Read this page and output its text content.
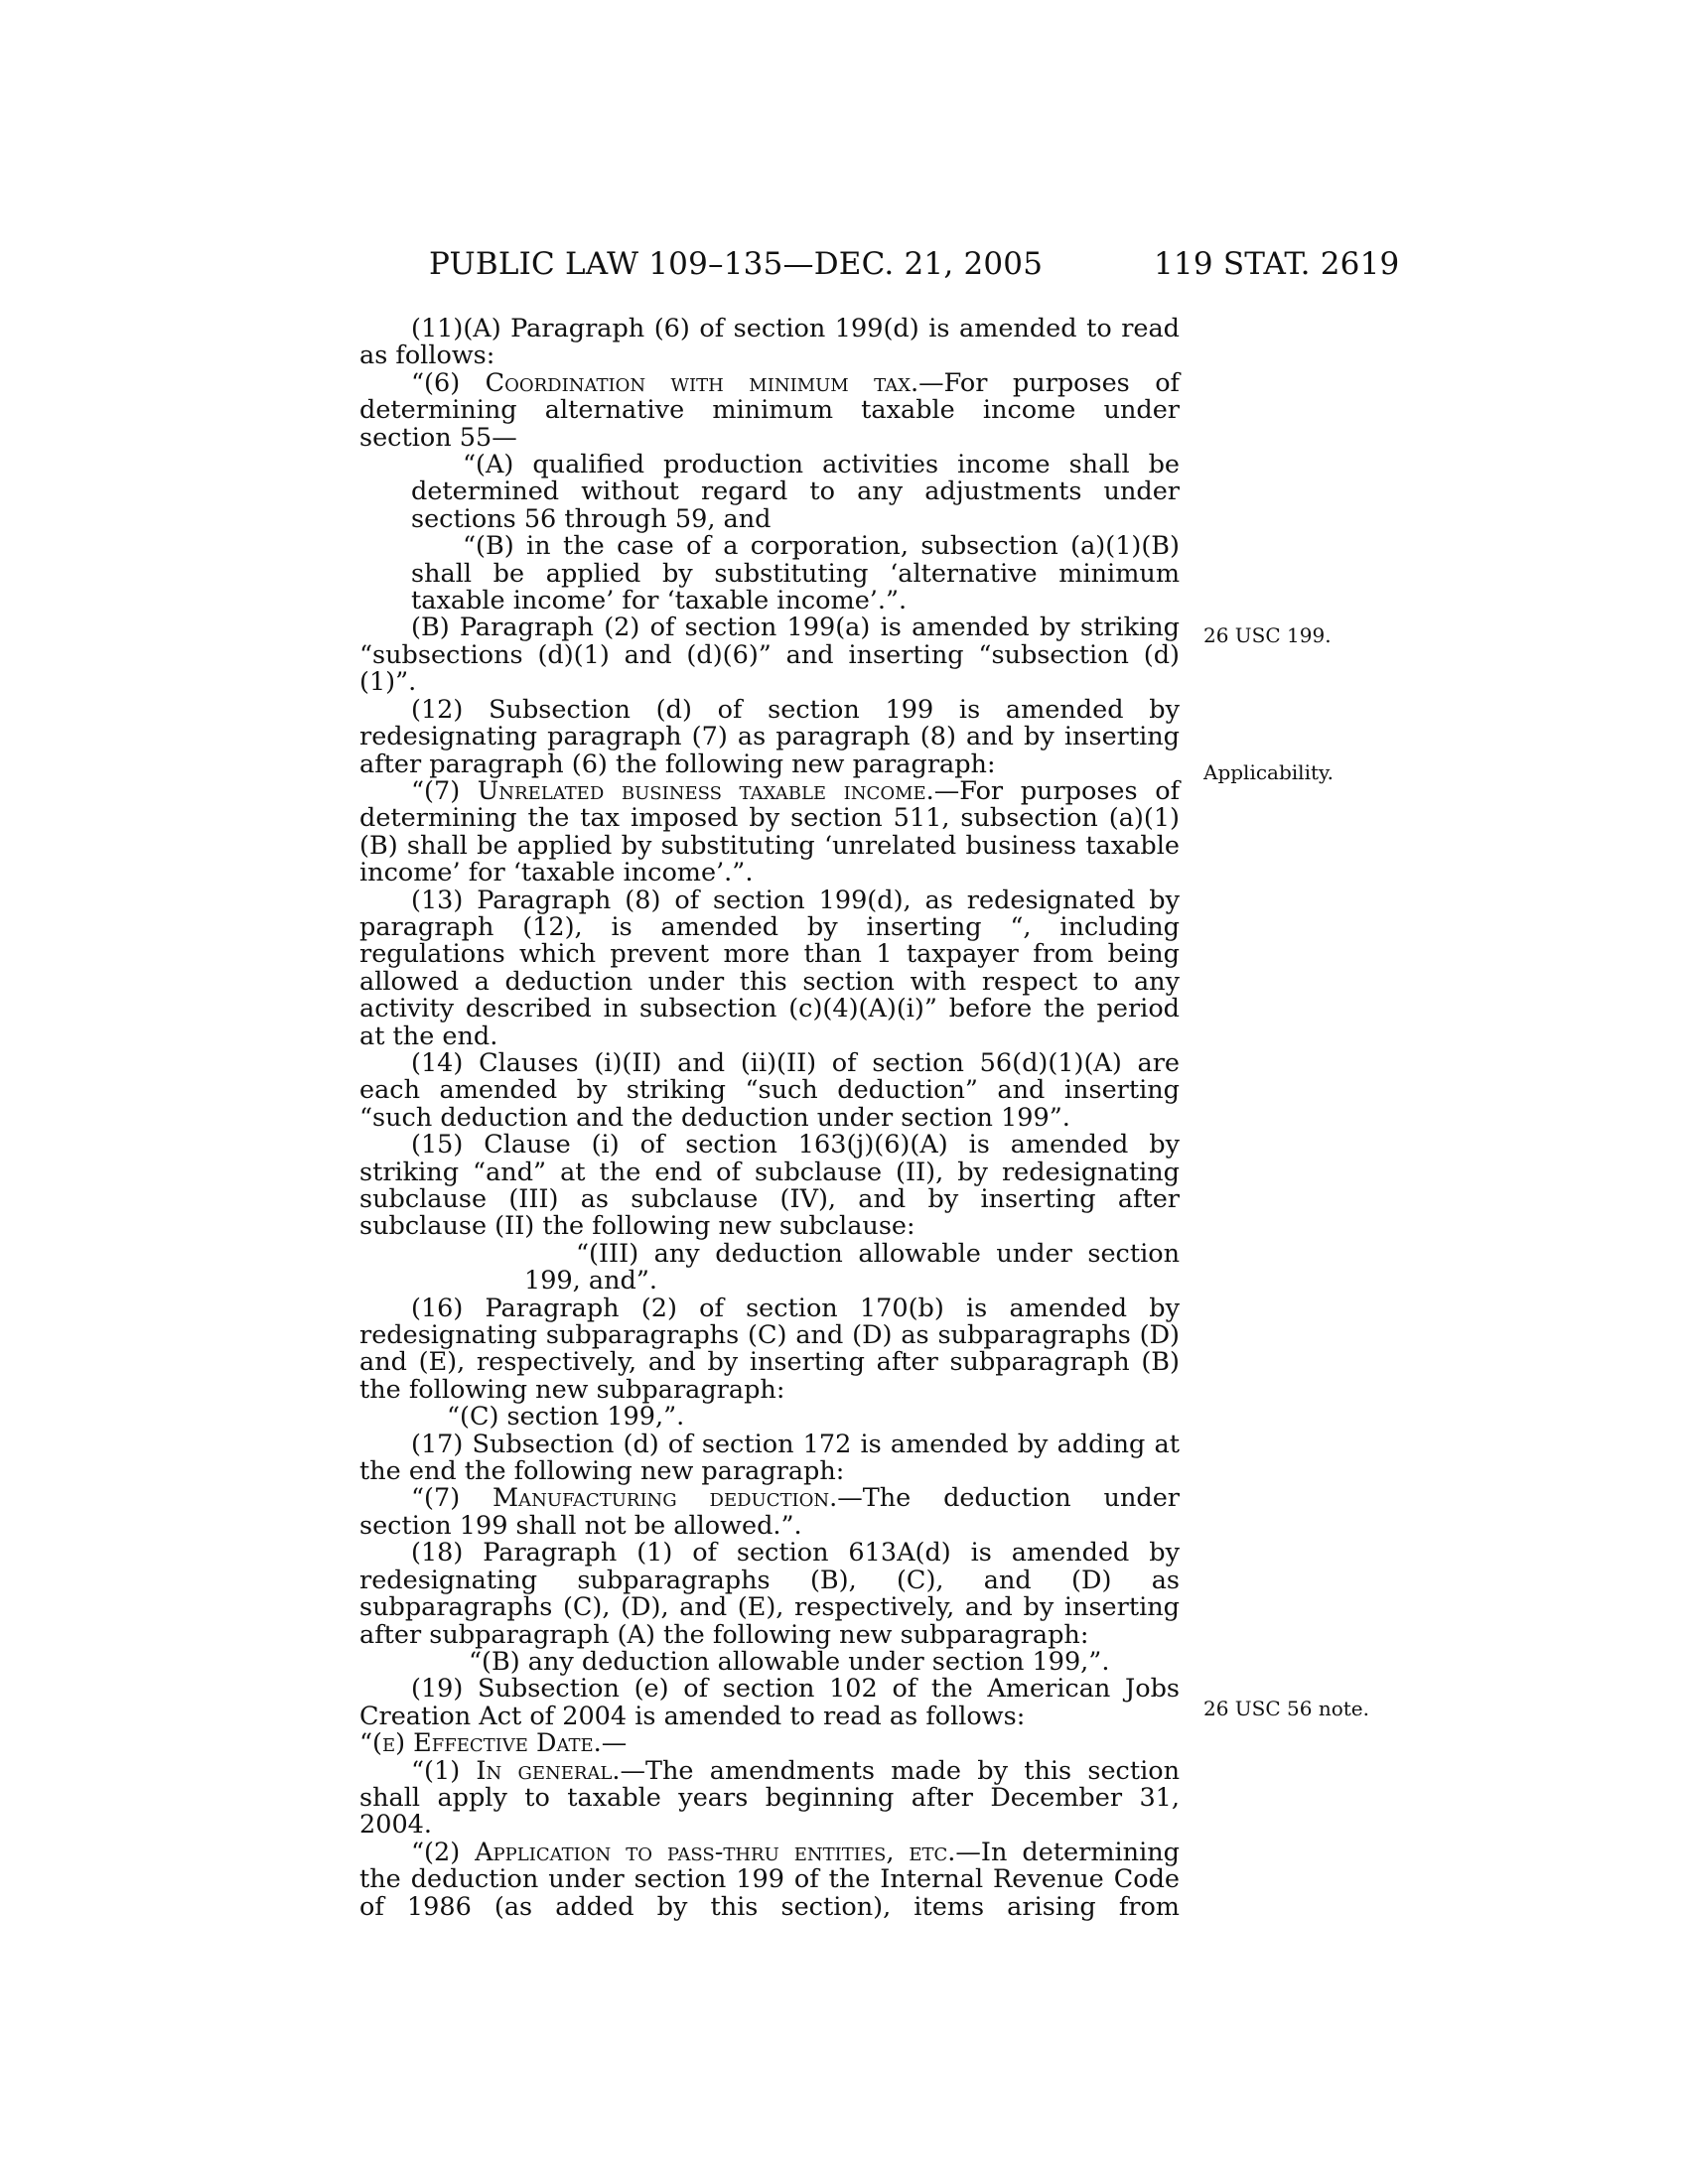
PUBLIC LAW 109–135—DEC. 21, 2005	119 STAT. 2619
26 USC 199.
Applicability.
26 USC 56 note.

(11)(A) Paragraph (6) of section 199(d) is amended to read as follows:

“(6) Coordination with minimum tax.—For purposes of determining alternative minimum taxable income under section 55—

“(A) qualified production activities income shall be determined without regard to any adjustments under sections 56 through 59, and

“(B) in the case of a corporation, subsection (a)(1)(B) shall be applied by substituting ‘alternative minimum taxable income’ for ‘taxable income’.”.

(B) Paragraph (2) of section 199(a) is amended by striking “subsections (d)(1) and (d)(6)” and inserting “subsection (d)(1)”.

(12) Subsection (d) of section 199 is amended by redesignating paragraph (7) as paragraph (8) and by inserting after paragraph (6) the following new paragraph:

“(7) Unrelated business taxable income.—For purposes of determining the tax imposed by section 511, subsection (a)(1)(B) shall be applied by substituting ‘unrelated business taxable income’ for ‘taxable income’.”.

(13) Paragraph (8) of section 199(d), as redesignated by paragraph (12), is amended by inserting “, including regulations which prevent more than 1 taxpayer from being allowed a deduction under this section with respect to any activity described in subsection (c)(4)(A)(i)” before the period at the end.

(14) Clauses (i)(II) and (ii)(II) of section 56(d)(1)(A) are each amended by striking “such deduction” and inserting “such deduction and the deduction under section 199”.

(15) Clause (i) of section 163(j)(6)(A) is amended by striking “and” at the end of subclause (II), by redesignating subclause (III) as subclause (IV), and by inserting after subclause (II) the following new subclause:

“(III) any deduction allowable under section 199, and”.

(16) Paragraph (2) of section 170(b) is amended by redesignating subparagraphs (C) and (D) as subparagraphs (D) and (E), respectively, and by inserting after subparagraph (B) the following new subparagraph:

“(C) section 199,”.

(17) Subsection (d) of section 172 is amended by adding at the end the following new paragraph:

“(7) Manufacturing deduction.—The deduction under section 199 shall not be allowed.”.

(18) Paragraph (1) of section 613A(d) is amended by redesignating subparagraphs (B), (C), and (D) as subparagraphs (C), (D), and (E), respectively, and by inserting after subparagraph (A) the following new subparagraph:

“(B) any deduction allowable under section 199,”.

(19) Subsection (e) of section 102 of the American Jobs Creation Act of 2004 is amended to read as follows:

“(e) Effective Date.—

“(1) In general.—The amendments made by this section shall apply to taxable years beginning after December 31, 2004.

“(2) Application to pass-thru entities, etc.—In determining the deduction under section 199 of the Internal Revenue Code of 1986 (as added by this section), items arising from
